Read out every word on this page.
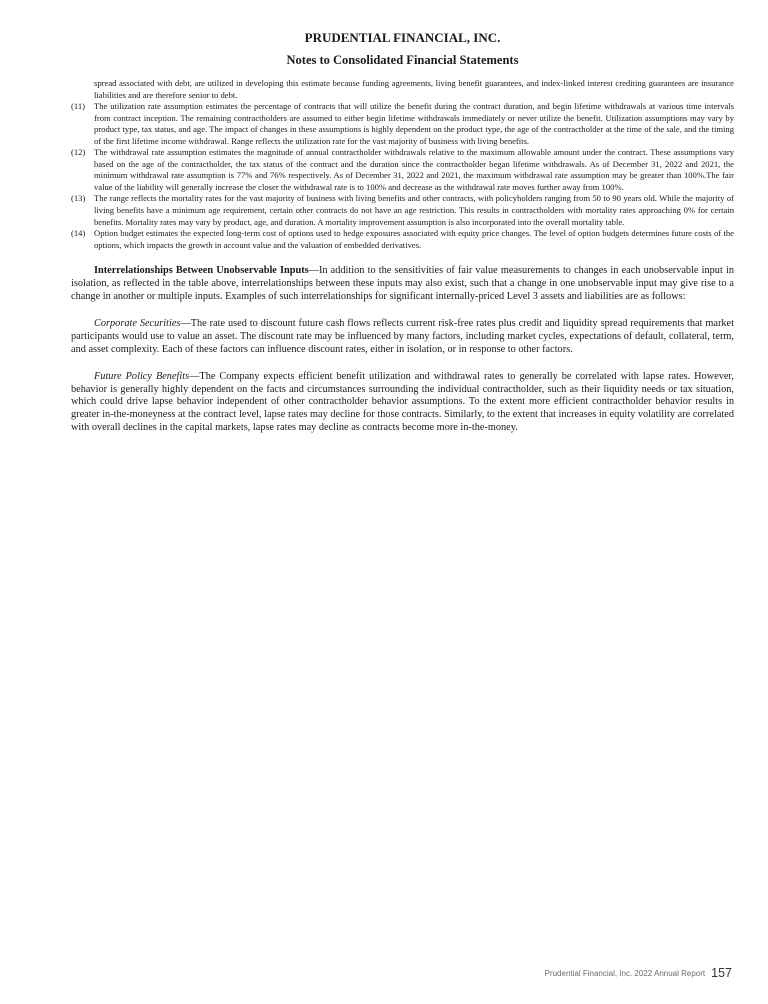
PRUDENTIAL FINANCIAL, INC.
Notes to Consolidated Financial Statements

spread associated with debt, are utilized in developing this estimate because funding agreements, living benefit guarantees, and index-linked interest crediting guarantees are insurance liabilities and are therefore senior to debt.

(11) The utilization rate assumption estimates the percentage of contracts that will utilize the benefit during the contract duration, and begin lifetime withdrawals at various time intervals from contract inception. The remaining contractholders are assumed to either begin lifetime withdrawals immediately or never utilize the benefit. Utilization assumptions may vary by product type, tax status, and age. The impact of changes in these assumptions is highly dependent on the product type, the age of the contractholder at the time of the sale, and the timing of the first lifetime income withdrawal. Range reflects the utilization rate for the vast majority of business with living benefits.

(12) The withdrawal rate assumption estimates the magnitude of annual contractholder withdrawals relative to the maximum allowable amount under the contract. These assumptions vary based on the age of the contractholder, the tax status of the contract and the duration since the contractholder began lifetime withdrawals. As of December 31, 2022 and 2021, the minimum withdrawal rate assumption is 77% and 76% respectively. As of December 31, 2022 and 2021, the maximum withdrawal rate assumption may be greater than 100%.The fair value of the liability will generally increase the closer the withdrawal rate is to 100% and decrease as the withdrawal rate moves further away from 100%.

(13) The range reflects the mortality rates for the vast majority of business with living benefits and other contracts, with policyholders ranging from 50 to 90 years old. While the majority of living benefits have a minimum age requirement, certain other contracts do not have an age restriction. This results in contractholders with mortality rates approaching 0% for certain benefits. Mortality rates may vary by product, age, and duration. A mortality improvement assumption is also incorporated into the overall mortality table.

(14) Option budget estimates the expected long-term cost of options used to hedge exposures associated with equity price changes. The level of option budgets determines future costs of the options, which impacts the growth in account value and the valuation of embedded derivatives.

Interrelationships Between Unobservable Inputs—In addition to the sensitivities of fair value measurements to changes in each unobservable input in isolation, as reflected in the table above, interrelationships between these inputs may also exist, such that a change in one unobservable input may give rise to a change in another or multiple inputs. Examples of such interrelationships for significant internally-priced Level 3 assets and liabilities are as follows:

Corporate Securities—The rate used to discount future cash flows reflects current risk-free rates plus credit and liquidity spread requirements that market participants would use to value an asset. The discount rate may be influenced by many factors, including market cycles, expectations of default, collateral, term, and asset complexity. Each of these factors can influence discount rates, either in isolation, or in response to other factors.

Future Policy Benefits—The Company expects efficient benefit utilization and withdrawal rates to generally be correlated with lapse rates. However, behavior is generally highly dependent on the facts and circumstances surrounding the individual contractholder, such as their liquidity needs or tax situation, which could drive lapse behavior independent of other contractholder behavior assumptions. To the extent more efficient contractholder behavior results in greater in-the-moneyness at the contract level, lapse rates may decline for those contracts. Similarly, to the extent that increases in equity volatility are correlated with overall declines in the capital markets, lapse rates may decline as contracts become more in-the-money.

Prudential Financial, Inc. 2022 Annual Report 157
